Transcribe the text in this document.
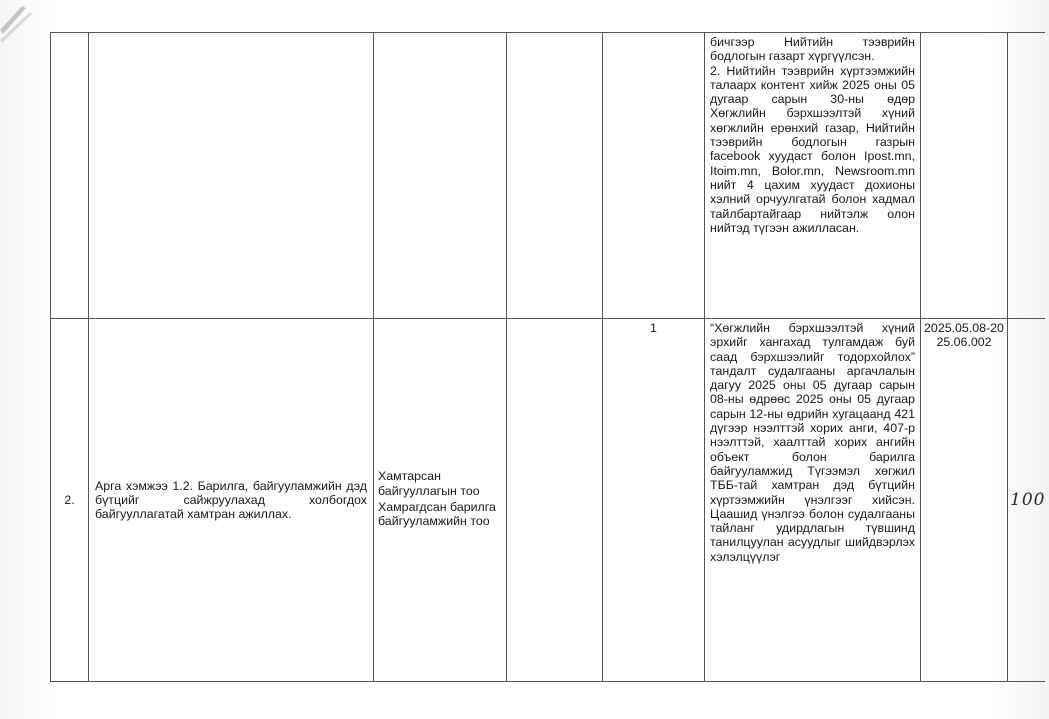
					бичгээр Нийтийн тээврийн бодлогын газарт хүргүүлсэн.

2. Нийтийн тээврийн хүртээмжийн талаарх контент хийж 2025 оны 05 дугаар сарын 30-ны өдөр Хөгжлийн бэрхшээлтэй хүний хөгжлийн ерөнхий газар, Нийтийн тээврийн бодлогын газрын facebook хуудаст болон Ipost.mn, Itoim.mn, Bolor.mn, Newsroom.mn нийт 4 цахим хуудаст дохионы хэлний орчуулгатай болон хадмал тайлбартайгаар нийтэлж олон нийтэд түгээн ажилласан.		

2.	Арга хэмжээ 1.2. Барилга, байгууламжийн дэд бүтцийг сайжруулахад холбогдох байгууллагатай хамтран ажиллах.	Хамтарсан байгууллагын тоо

Хамрагдсан барилга байгууламжийн тоо		1	“Хөгжлийн бэрхшээлтэй хүний эрхийг хангахад тулгамдаж буй саад бэрхшээлийг тодорхойлох” тандалт судалгааны аргачлалын дагуу 2025 оны 05 дугаар сарын 08-ны өдрөөс 2025 оны 05 дугаар сарын 12-ны өдрийн хугацаанд 421 дүгээр нээлттэй хорих анги, 407-р нээлттэй, хаалттай хорих ангийн объект болон барилга байгууламжид Түгээмэл хөгжил ТББ-тай хамтран дэд бүтцийн хүртээмжийн үнэлгээг хийсэн. Цаашид үнэлгээ болон судалгааны тайланг удирдлагын түвшинд танилцуулан асуудлыг шийдвэрлэх хэлэлцүүлэг	2025.05.08-2025.06.002	100
